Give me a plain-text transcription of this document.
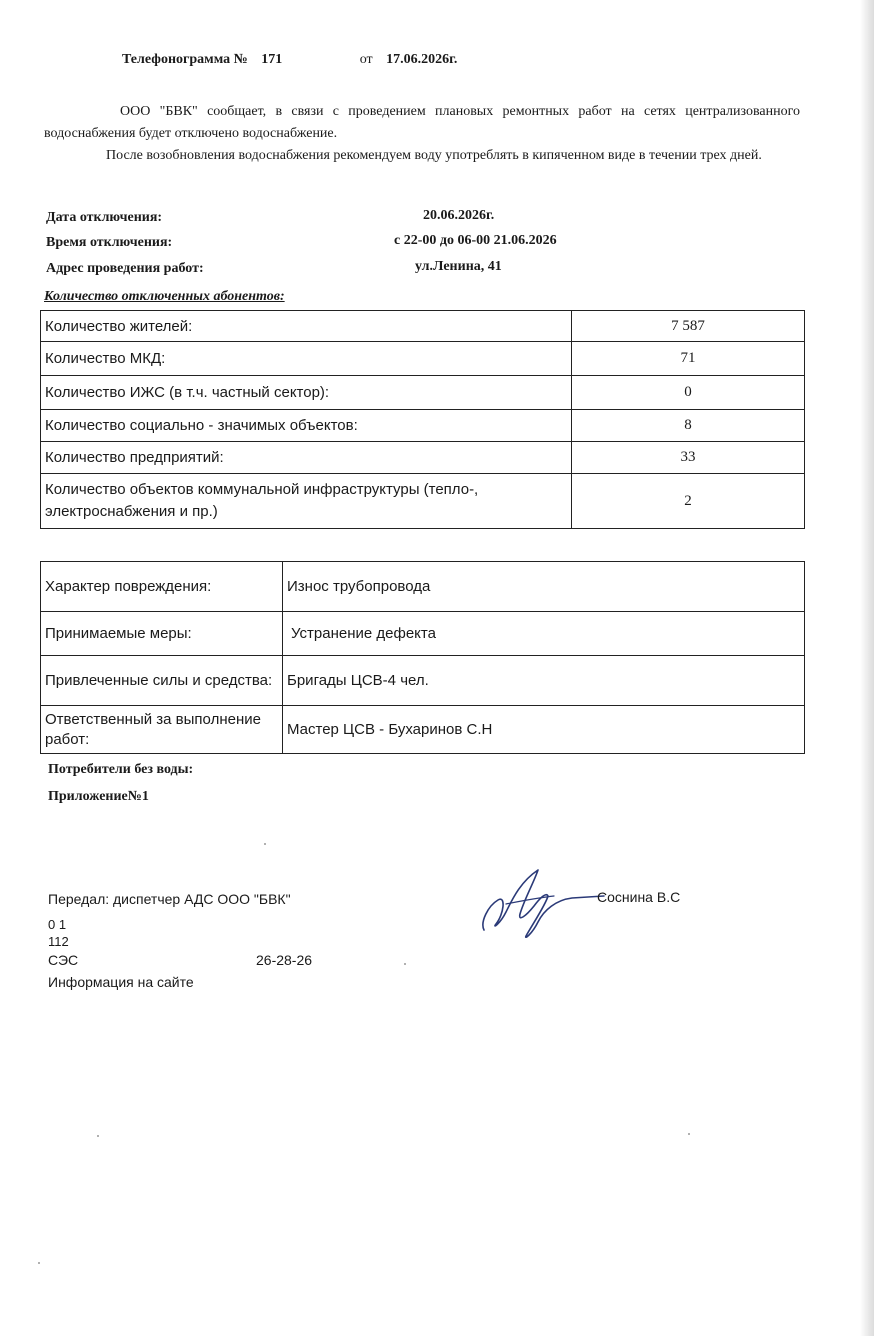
Телефонограмма № 171	от 17.06.2026г.
ООО "БВК" сообщает, в связи с проведением плановых ремонтных работ на сетях централизованного водоснабжения будет отключено водоснабжение.
После возобновления водоснабжения рекомендуем воду употреблять в кипяченном виде в течении трех дней.
Дата отключения:	20.06.2026г.
Время отключения:	с 22-00 до 06-00 21.06.2026
Адрес проведения работ:	ул.Ленина, 41
Количество отключенных абонентов:
Количество жителей:	7 587
Количество МКД:	71
Количество ИЖС (в т.ч. частный сектор):	0
Количество социально - значимых объектов:	8
Количество предприятий:	33
Количество объектов коммунальной инфраструктуры (тепло-, электроснабжения и пр.)	2
Характер повреждения:	Износ трубопровода
Принимаемые меры:	Устранение дефекта
Привлеченные силы и средства:	Бригады ЦСВ-4 чел.
Ответственный за выполнение работ:	Мастер ЦСВ - Бухаринов С.Н
Потребители без воды:
Приложение№1
Передал: диспетчер АДС ООО "БВК"
0 1
112
СЭС	26-28-26
Информация на сайте
Соснина В.С
